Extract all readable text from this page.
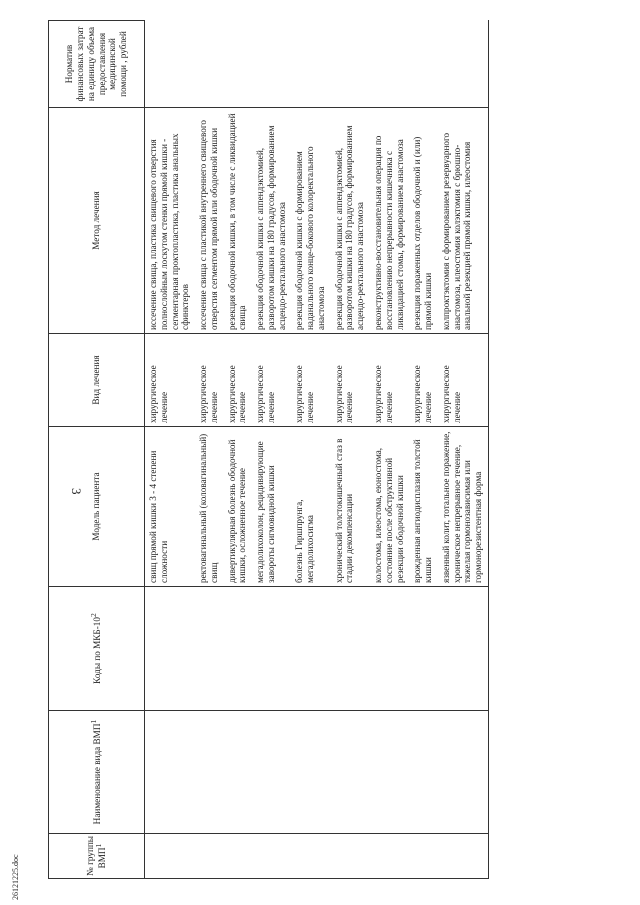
3
26121225.doc	№ группы ВМП$^1$	Наименование вида ВМП$^1$	Коды по МКБ-$10^2$	Модель пациента	Вид лечения	Метод лечения	Норматив финансовых затрат на единицу объема предоставления медицинской помощи , рублей
			свищ прямой кишки 3 - 4 степени сложности	хирургическое лечение	иссечение свища, пластика свищевого отверстия полнослойным лоскутом стенки прямой кишки - сегментарная проктопластика, пластика анальных сфинктеров	
			ректовагинальный (коловагинальный) свищ	хирургическое лечение	иссечение свища с пластикой внутреннего свищевого отверстия сегментом прямой или ободочной кишки	
			дивертикулярная болезнь ободочной кишки, осложненное течение	хирургическое лечение	резекция ободочной кишки, в том числе с ликвидацией свища	
			мегадолихоколон, рецидивирующие завороты сигмовидной кишки	хирургическое лечение	резекция ободочной кишки с аппендэктомией, разворотом кишки на 180 градусов, формированием асцендо-ректального анастомоза	
			болезнь Гиршпрунга, мегадолихосигма	хирургическое лечение	резекция ободочной кишки с формированием наданального конце-бокового колоректального анастомоза	
			хронический толстокишечный стаз в стадии декомпенсации	хирургическое лечение	резекция ободочной кишки с аппендэктомией, разворотом кишки на 180 градусов, формированием асцендо-ректального анастомоза	
			колостома, илеостома, еюностома, состояние после обструктивной резекции ободочной кишки	хирургическое лечение	реконструктивно-восстановительная операция по восстановлению непрерывности кишечника с ликвидацией стомы, формированием анастомоза	
			врожденная ангиодисплазия толстой кишки	хирургическое лечение	резекция пораженных отделов ободочной и (или) прямой кишки	
			язвенный колит, тотальное поражение, хроническое непрерывное течение, тяжелая гормонозависимая или гормонорезистентная форма	хирургическое лечение	колпроктэктомия с формированием резервуарного анастомоза, илеостомия колэктомия с брюшно-анальной резекцией прямой кишки, илеостомия	
